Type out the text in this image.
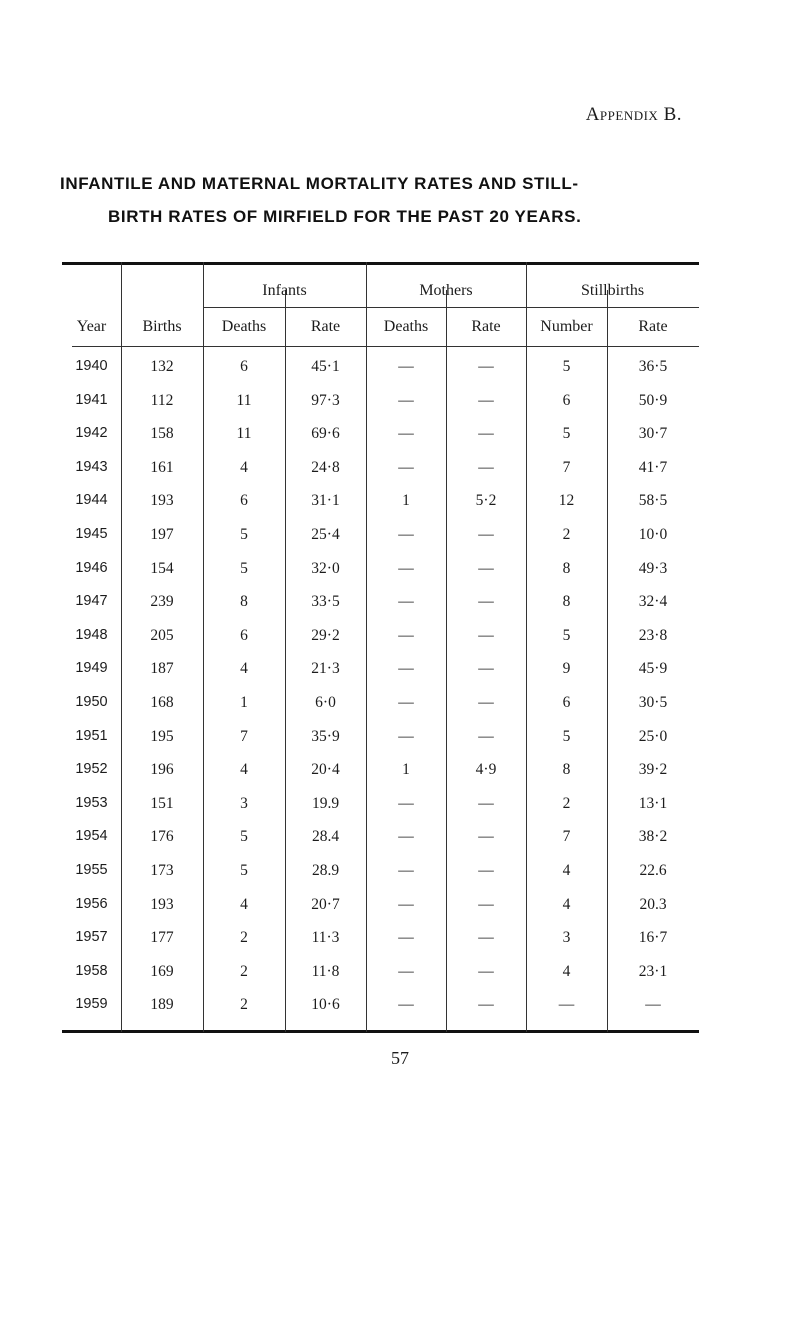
Appendix B.
INFANTILE AND MATERNAL MORTALITY RATES AND STILL-
BIRTH RATES OF MIRFIELD FOR THE PAST 20 YEARS.
Infants	Mothers	Stillbirths
Year	Births	Deaths	Rate	Deaths	Rate	Number	Rate
1940	132	6	45·1	—	—	5	36·5
1941	112	11	97·3	—	—	6	50·9
1942	158	11	69·6	—	—	5	30·7
1943	161	4	24·8	—	—	7	41·7
1944	193	6	31·1	1	5·2	12	58·5
1945	197	5	25·4	—	—	2	10·0
1946	154	5	32·0	—	—	8	49·3
1947	239	8	33·5	—	—	8	32·4
1948	205	6	29·2	—	—	5	23·8
1949	187	4	21·3	—	—	9	45·9
1950	168	1	6·0	—	—	6	30·5
1951	195	7	35·9	—	—	5	25·0
1952	196	4	20·4	1	4·9	8	39·2
1953	151	3	19.9	—	—	2	13·1
1954	176	5	28.4	—	—	7	38·2
1955	173	5	28.9	—	—	4	22.6
1956	193	4	20·7	—	—	4	20.3
1957	177	2	11·3	—	—	3	16·7
1958	169	2	11·8	—	—	4	23·1
1959	189	2	10·6	—	—	—	—
57
